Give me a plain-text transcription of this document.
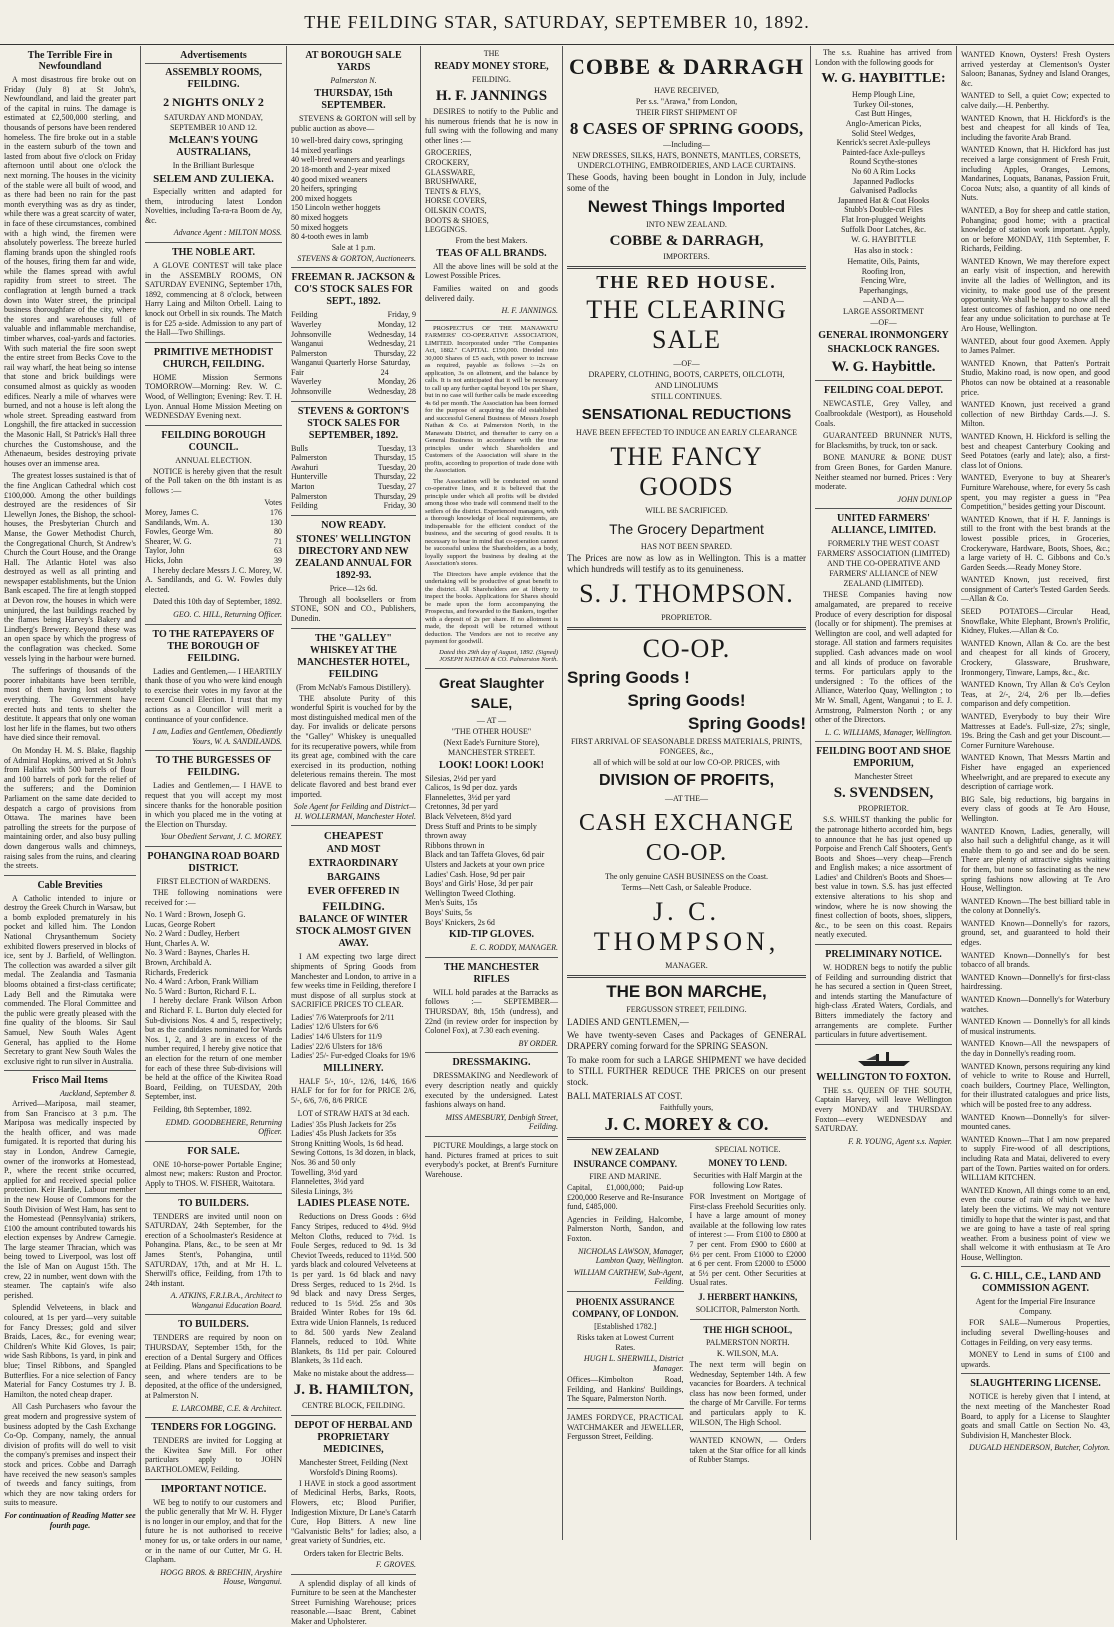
THE FEILDING STAR, SATURDAY, SEPTEMBER 10, 1892.
The Terrible Fire in Newfoundland

A most disastrous fire broke out on Friday (July 8) at St John's, Newfoundland, and laid the greater part of the capital in ruins. The damage is estimated at £2,500,000 sterling, and thousands of persons have been rendered homeless. The fire broke out in a stable in the eastern suburb of the town and lasted from about five o'clock on Friday afternoon until about one o'clock the next morning. The houses in the vicinity of the stable were all built of wood, and as there had been no rain for the past month everything was as dry as tinder, while there was a great scarcity of water, in face of these circumstances, combined with a high wind, the firemen were absolutely powerless. The breeze hurled flaming brands upon the shingled roofs of the houses, firing them far and wide, while the flames spread with awful rapidity from street to street. The conflagration at length burned a track down into Water street, the principal business thoroughfare of the city, where the stores and warehouses full of valuable and inflammable merchandise, timber wharves, coal-yards and factories. With such material the fire soon swept the entire street from Becks Cove to the rail way wharf, the heat being so intense that stone and brick buildings were consumed almost as quickly as wooden edifices. Nearly a mile of wharves were burned, and not a house is left along the whole street. Spreading eastward from Longshill, the fire attacked in succession the Masonic Hall, St Patrick's Hall three churches the Customshouse, and the Athenaeum, besides destroying private houses over an immense area.

The greatest losses sustained is that of the fine Anglican Cathedral which cost £100,000. Among the other buildings destroyed are the residences of Sir Llewellyn Jones, the Bishop, the school-houses, the Presbyterian Church and Manse, the Gower Methodist Church, the Congregational Church, St Andrew's Church the Court House, and the Orange Hall. The Atlantic Hotel was also destroyed as well as all printing and newspaper establishments, but the Union Bank escaped. The fire at length stopped at Devon row, the houses in which were uninjured, the last buildings reached by the flames being Harvey's Bakery and Lindberg's Brewery. Beyond these was an open space by which the progress of the conflagration was checked. Some vessels lying in the harbour were burned.

The sufferings of thousands of the poorer inhabitants have been terrible, most of them having lost absolutely everything. The Government have erected huts and tents to shelter the destitute. It appears that only one woman lost her life in the flames, but two others have died since their removal.

On Monday H. M. S. Blake, flagship of Admiral Hopkins, arrived at St John's from Halifax with 500 barrels of flour and 100 barrels of pork for the relief of the sufferers; and the Dominion Parliament on the same date decided to despatch a cargo of provisions from Ottawa. The marines have been patrolling the streets for the purpose of maintaining order, and also busy pulling down dangerous walls and chimneys, raising sales from the ruins, and clearing the streets.

Cable Brevities

A Catholic intended to injure or destroy the Greek Church in Warsaw, but a bomb exploded prematurely in his pocket and killed him. The London National Chrysanthemum Society exhibited flowers preserved in blocks of ice, sent by J. Barfield, of Wellington. The collection was awarded a silver gilt medal. The Zealandia and Tasmania blooms obtained a first-class certificate; Lady Bell and the Rimutaka were commended. The Floral Committee and the public were greatly pleased with the fine quality of the blooms. Sir Saul Samuel, New South Wales Agent General, has applied to the Home Secretary to grant New South Wales the exclusive right to run silver in Australia.

Frisco Mail Items
Auckland, September 8.

Arrived—Mariposa, mail steamer, from San Francisco at 3 p.m. The Mariposa was medically inspected by the health officer, and was made fumigated. It is reported that during his stay in London, Andrew Carnegie, owner of the ironworks at Homestead, P., where the recent strike occurred, applied for and received special police protection. Keir Hardie, Labour member in the new House of Commons for the South Division of West Ham, has sent to the Homestead (Pennsylvania) strikers, £100 the amount contributed towards his election expenses by Andrew Carnegie. The large steamer Thracian, which was being towed to Liverpool, was lost off the Isle of Man on August 15th. The crew, 22 in number, went down with the steamer. The captain's wife also perished.

Splendid Velveteens, in black and coloured, at 1s per yard—very suitable for Fancy Dresses; gold and silver Braids, Laces, &c., for evening wear; Children's White Kid Gloves, 1s pair; wide Sash Ribbons, 1s yard, in pink and blue; Tinsel Ribbons, and Spangled Butterflies. For a nice selection of Fancy Material for Fancy Costumes try J. B. Hamilton, the noted cheap draper.

All Cash Purchasers who favour the great modern and progressive system of business adopted by the Cash Exchange Co-Op. Company, namely, the annual division of profits will do well to visit the company's premises and inspect their stock and prices. Cobbe and Darragh have received the new season's samples of tweeds and fancy suitings, from which they are now taking orders for suits to measure.

For continuation of Reading Matter see fourth page.

Advertisements
ASSEMBLY ROOMS, FEILDING.
2 NIGHTS ONLY 2
SATURDAY AND MONDAY, SEPTEMBER 10 AND 12.
McLEAN'S YOUNG AUSTRALIANS,
In the Brilliant Burlesque
SELEM AND ZULIEKA.

Especially written and adapted for them, introducing latest London Novelties, including Ta-ra-ra Boom de Ay, &c.

Advance Agent : MILTON MOSS.
THE NOBLE ART.

A GLOVE CONTEST will take place in the ASSEMBLY ROOMS, ON SATURDAY EVENING, September 17th, 1892, commencing at 8 o'clock, between Harry Laing and Milton Orbell. Laing to knock out Orbell in six rounds. The Match is for £25 a-side. Admission to any part of the Hall—Two Shillings.

PRIMITIVE METHODIST CHURCH, FEILDING.

HOME Mission Sermons TOMORROW—Morning: Rev. W. C. Wood, of Wellington; Evening: Rev. T. H. Lyon. Annual Home Mission Meeting on WEDNESDAY Evening next.

FEILDING BOROUGH COUNCIL.
ANNUAL ELECTION.

NOTICE is hereby given that the result of the Poll taken on the 8th instant is as follows :—

Votes
Morey, James C.	176
Sandilands, Wm. A.	130
Fowles, George Wm.	80
Shearer, W. G.	71
Taylor, John	63
Hicks, John	39

I hereby declare Messrs J. C. Morey, W. A. Sandilands, and G. W. Fowles duly elected.

Dated this 10th day of September, 1892.

GEO. C. HILL, Returning Officer.
TO THE RATEPAYERS OF THE BOROUGH OF FEILDING.

Ladies and Gentlemen,— I HEARTILY thank those of you who were kind enough to exercise their votes in my favor at the recent Council Election. I trust that my actions as a Councillor will merit a continuance of your confidence.

I am, Ladies and Gentlemen, Obediently Yours, W. A. SANDILANDS.
TO THE BURGESSES OF FEILDING.

Ladies and Gentlemen,— I HAVE to request that you will accept my most sincere thanks for the honorable position in which you placed me in the voting at the Election on Thursday.

Your Obedient Servant, J. C. MOREY.
POHANGINA ROAD BOARD DISTRICT.
FIRST ELECTION of WARDENS.

THE following nominations were received for :—

No. 1 Ward : Brown, Joseph G.
Lucas, George Robert
No. 2 Ward : Dudley, Herbert
Hunt, Charles A. W.
No. 3 Ward : Baynes, Charles H.
Brown, Archibald A.
Richards, Frederick
No. 4 Ward : Arbon, Frank William
No. 5 Ward : Burton, Richard F. L.

I hereby declare Frank Wilson Arbon and Richard F. L. Burton duly elected for Sub-divisions Nos. 4 and 5, respectively; but as the candidates nominated for Wards Nos. 1, 2, and 3 are in excess of the number required, I hereby give notice that an election for the return of one member for each of these three Sub-divisions will be held at the office of the Kiwitea Road Board, Feilding, on TUESDAY, 20th September, inst.

Feilding, 8th September, 1892.

EDMD. GOODBEHERE, Returning Officer.
FOR SALE.

ONE 10-horse-power Portable Engine; almost new; makers: Ruston and Proctor. Apply to THOS. W. FISHER, Waitotara.

TO BUILDERS.

TENDERS are invited until noon on SATURDAY, 24th September, for the erection of a Schoolmaster's Residence at Pohangina. Plans, &c., to be seen at Mr James Stent's, Pohangina, until SATURDAY, 17th, and at Mr H. L. Sherwill's office, Feilding, from 17th to 24th instant.

A. ATKINS, F.R.I.B.A., Architect to Wanganui Education Board.
TO BUILDERS.

TENDERS are required by noon on THURSDAY, September 15th, for the erection of a Dental Surgery and Offices at Feilding. Plans and Specifications to be seen, and where tenders are to be deposited, at the office of the undersigned, at Palmerston N.

E. LARCOMBE, C.E. & Architect.
TENDERS FOR LOGGING.

TENDERS are invited for Logging at the Kiwitea Saw Mill. For other particulars apply to JOHN BARTHOLOMEW, Feilding.

IMPORTANT NOTICE.

WE beg to notify to our customers and the public generally that Mr W. H. Flyger is no longer in our employ, and that for the future he is not authorised to receive money for us, or take orders in our name, or in the name of our Cutter, Mr G. H. Clapham.

HOGG BROS. & BRECHIN, Aryshire House, Wanganui.
AT BOROUGH SALE YARDS
Palmerston N.
THURSDAY, 15th SEPTEMBER.

STEVENS & GORTON will sell by public auction as above—

10 well-bred dairy cows, springing
14 mixed yearlings
40 well-bred weaners and yearlings
20 18-month and 2-year mixed
40 good mixed weaners
20 heifers, springing
200 mixed hoggets
150 Lincoln wether hoggets
80 mixed hoggets
50 mixed hoggets
80 4-tooth ewes in lamb
Sale at 1 p.m.
STEVENS & GORTON, Auctioneers.
FREEMAN R. JACKSON & CO'S STOCK SALES FOR SEPT., 1892.
Feilding	Friday, 9
Waverley	Monday, 12
Johnsonville	Wednesday, 14
Wanganui	Wednesday, 21
Palmerston	Thursday, 22
Wanganui Quarterly Horse Fair
Saturday, 24
Waverley	Monday, 26
Johnsonville	Wednesday, 28
STEVENS & GORTON'S STOCK SALES FOR SEPTEMBER, 1892.
Bulls	Tuesday, 13
Palmerston	Thursday, 15
Awahuri	Tuesday, 20
Hunterville	Thursday, 22
Marton	Tuesday, 27
Palmerston	Thursday, 29
Feilding	Friday, 30
NOW READY.
STONES' WELLINGTON DIRECTORY AND NEW ZEALAND ANNUAL FOR 1892-93.
Price—12s 6d.

Through all booksellers or from STONE, SON and CO., Publishers, Dunedin.

THE "GALLEY" WHISKEY AT THE MANCHESTER HOTEL, FEILDING
(From McNab's Famous Distillery).

THE absolute Purity of this wonderful Spirit is vouched for by the most distinguished medical men of the day. For invalids or delicate persons the "Galley" Whiskey is unequalled for its recuperative powers, while from its great age, combined with the care exercised in its production, nothing deleterious remains therein. The most delicate flavored and best brand ever imported.

Sole Agent for Feilding and District— H. WOLLERMAN, Manchester Hotel.
CHEAPEST
AND MOST
EXTRAORDINARY
BARGAINS
EVER OFFERED IN
FEILDING.
BALANCE OF WINTER STOCK ALMOST GIVEN AWAY.

I AM expecting two large direct shipments of Spring Goods from Manchester and London, to arrive in a few weeks time in Feilding, therefore I must dispose of all surplus stock at SACRIFICE PRICES TO CLEAR.

Ladies' 7/6 Waterproofs for 2/11
Ladies' 12/6 Ulsters for 6/6
Ladies' 14/6 Ulsters for 11/9
Ladies' 22/6 Ulsters for 18/6
Ladies' 25/- Fur-edged Cloaks for 19/6
MILLINERY.

HALF 5/-, 10/-, 12/6, 14/6, 16/6 HALF for for for for for PRICE 2/6, 5/-, 6/6, 7/6, 8/6 PRICE

LOT of STRAW HATS at 3d each.
Ladies' 35s Plush Jackets for 25s
Ladies' 45s Plush Jackets for 35s
Strong Knitting Wools, 1s 6d head.
Sewing Cottons, 1s 3d dozen, in black, Nos. 36 and 50 only
Towelling, 3½d yard
Flannelettes, 3½d yard
Silesia Linings, 3½
LADIES PLEASE NOTE.

Reductions on Dress Goods : 6½d Fancy Stripes, reduced to 4½d. 9½d Melton Cloths, reduced to 7½d. 1s Foule Serges, reduced to 9d. 1s 3d Cheviot Tweeds, reduced to 11½d. 500 yards black and coloured Velveteens at 1s per yard. 1s 6d black and navy Dress Serges, reduced to 1s 2½d. 1s 9d black and navy Dress Serges, reduced to 1s 5½d. 25s and 30s Braided Winter Robes for 19s 6d. Extra wide Union Flannels, 1s reduced to 8d. 500 yards New Zealand Flannels, reduced to 10d. White Blankets, 8s 11d per pair. Coloured Blankets, 3s 11d each.

Make no mistake about the address—
J. B. HAMILTON,
CENTRE BLOCK, FEILDING.
DEPOT OF HERBAL AND PROPRIETARY MEDICINES,
Manchester Street, Feilding (Next Worsfold's Dining Rooms).

I HAVE in stock a good assortment of Medicinal Herbs, Barks, Roots, Flowers, etc; Blood Purifier, Indigestion Mixture, Dr Lane's Catarrh Cure, Hop Bitters. A new line "Galvanistic Belts" for ladies; also, a great variety of Sundries, etc.

Orders taken for Electric Belts.
F. GROVES.

A splendid display of all kinds of Furniture to be seen at the Manchester Street Furnishing Warehouse; prices reasonable.—Isaac Brent, Cabinet Maker and Upholsterer.

THE
READY MONEY STORE,
FEILDING.
H. F. JANNINGS

DESIRES to notify to the Public and his numerous friends that he is now in full swing with the following and many other lines :—

GROCERIES,
CROCKERY,
GLASSWARE,
BRUSHWARE,
TENTS & FLYS,
HORSE COVERS,
OILSKIN COATS,
BOOTS & SHOES,
LEGGINGS.
From the best Makers.
TEAS OF ALL BRANDS.

All the above lines will be sold at the Lowest Possible Prices.

Families waited on and goods delivered daily.

H. F. JANNINGS.

PROSPECTUS OF THE MANAWATU FARMERS' CO-OPERATIVE ASSOCIATION, LIMITED. Incorporated under "The Companies Act, 1882." CAPITAL £150,000. Divided into 30,000 Shares of £5 each, with power to increase as required, payable as follows :—2s on application, 3s on allotment, and the balance by calls. It is not anticipated that it will be necessary to call up any further capital beyond 10s per Share, but in no case will further calls be made exceeding 4s 6d per month. The Association has been formed for the purpose of acquiring the old established and successful General Business of Messrs Joseph Nathan & Co. at Palmerston North, in the Manawatu District, and thereafter to carry on a General Business in accordance with the true principles under which Shareholders and Customers of the Association will share in the profits, according to proportion of trade done with the Association.

The Association will be conducted on sound co-operative lines, and it is believed that the principle under which all profits will be divided among those who trade will commend itself to the settlers of the district. Experienced managers, with a thorough knowledge of local requirements, are indispensable for the efficient conduct of the business, and the securing of good results. It is necessary to bear in mind that co-operation cannot be successful unless the Shareholders, as a body, loyally support the business by dealing at the Association's stores.

The Directors have ample evidence that the undertaking will be productive of great benefit to the district. All Shareholders are at liberty to inspect the books. Applications for Shares should be made upon the form accompanying the Prospectus, and forwarded to the Bankers, together with a deposit of 2s per share. If no allotment is made, the deposit will be returned without deduction. The Vendors are not to receive any payment for goodwill.

Dated this 29th day of August, 1892. (Signed) JOSEPH NATHAN & CO. Palmerston North.
Great Slaughter SALE,
— AT —
"THE OTHER HOUSE"
(Next Eade's Furniture Store), MANCHESTER STREET.
LOOK! LOOK! LOOK!
Silesias, 2½d per yard
Calicos, 1s 9d per doz. yards
Flannelettes, 3½d per yard
Cretonnes, 3d per yard
Black Velveteen, 8½d yard
Dress Stuff and Prints to be simply thrown away
Ribbons thrown in
Black and tan Taffeta Gloves, 6d pair
Ulsters and Jackets at your own price
Ladies' Cash. Hose, 9d per pair
Boys' and Girls' Hose, 3d per pair
Wellington Tweed Clothing.
Men's Suits, 15s
Boys' Suits, 5s
Boys' Knickers, 2s 6d
KID-TIP GLOVES.
E. C. RODDY, MANAGER.
THE MANCHESTER RIFLES

WILL hold parades at the Barracks as follows :— SEPTEMBER—THURSDAY, 8th, 15th (undress), and 22nd (in review order for inspection by Colonel Fox), at 7.30 each evening.

BY ORDER.
DRESSMAKING.

DRESSMAKING and Needlework of every description neatly and quickly executed by the undersigned. Latest fashions always on hand.

MISS AMESBURY, Denbigh Street, Feilding.

PICTURE Mouldings, a large stock on hand. Pictures framed at prices to suit everybody's pocket, at Brent's Furniture Warehouse.

COBBE & DARRAGH
HAVE RECEIVED,
Per s.s. "Arawa," from London,
THEIR FIRST SHIPMENT OF
8 CASES OF SPRING GOODS,
—Including—
NEW DRESSES, SILKS, HATS, BONNETS, MANTLES, CORSETS, UNDERCLOTHING, EMBROIDERIES, AND LACE CURTAINS.

These Goods, having been bought in London in July, include some of the

Newest Things Imported
INTO NEW ZEALAND.
COBBE & DARRAGH,
IMPORTERS.
THE RED HOUSE.
THE CLEARING SALE
—OF—
DRAPERY, CLOTHING, BOOTS, CARPETS, OILCLOTH,
AND LINOLIUMS
STILL CONTINUES.
SENSATIONAL REDUCTIONS
HAVE BEEN EFFECTED TO INDUCE AN EARLY CLEARANCE
THE FANCY GOODS
WILL BE SACRIFICED.
The Grocery Department
HAS NOT BEEN SPARED.

The Prices are now as low as in Wellington. This is a matter which hundreds will testify as to its genuineness.

S. J. THOMPSON.
PROPRIETOR.
CO-OP.
Spring Goods !
Spring Goods!
Spring Goods!
FIRST ARRIVAL OF SEASONABLE DRESS MATERIALS, PRINTS, FONGEES, &c.,
all of which will be sold at our low CO-OP. PRICES, with
DIVISION OF PROFITS,
—AT THE—
CASH EXCHANGE CO-OP.
The only genuine CASH BUSINESS on the Coast.
Terms—Nett Cash, or Saleable Produce.
J. C. THOMPSON,
MANAGER.
THE BON MARCHE,
FERGUSSON STREET, FEILDING.
LADIES AND GENTLEMEN,—

We have twenty-seven Cases and Packages of GENERAL DRAPERY coming forward for the SPRING SEASON.

To make room for such a LARGE SHIPMENT we have decided to STILL FURTHER REDUCE THE PRICES on our present stock.

BALL MATERIALS AT COST.
Faithfully yours,
J. C. MOREY & CO.
NEW ZEALAND INSURANCE COMPANY.
FIRE AND MARINE.

Capital, £1,000,000; Paid-up £200,000 Reserve and Re-Insurance fund, £485,000.

Agencies in Feilding, Halcombe, Palmerston North, Sandon, and Foxton.

NICHOLAS LAWSON, Manager, Lambton Quay, Wellington.
WILLIAM CARTHEW, Sub-Agent, Feilding.
PHOENIX ASSURANCE COMPANY, OF LONDON.
[Established 1782.]
Risks taken at Lowest Current Rates.
HUGH L. SHERWILL, District Manager.

Offices—Kimbolton Road, Feilding, and Hankins' Buildings, The Square, Palmerston North.

JAMES FORDYCE, PRACTICAL WATCHMAKER and JEWELLER, Fergusson Street, Feilding.

SPECIAL NOTICE.
MONEY TO LEND.
Securities with Half Margin at the following Low Rates.

FOR Investment on Mortgage of First-class Freehold Securities only. I have a large amount of money available at the following low rates of interest :— From £100 to £800 at 7 per cent. From £900 to £600 at 6½ per cent. From £1000 to £2000 at 6 per cent. From £2000 to £5000 at 5½ per cent. Other Securities at Usual rates.

J. HERBERT HANKINS,
SOLICITOR, Palmerston North.
THE HIGH SCHOOL,
PALMERSTON NORTH.
K. WILSON, M.A.

The next term will begin on Wednesday, September 14th. A few vacancies for Boarders. A technical class has now been formed, under the charge of Mr Carville. For terms and particulars apply to K. WILSON, The High School.

WANTED KNOWN, — Orders taken at the Star office for all kinds of Rubber Stamps.

The s.s. Ruahine has arrived from London with the following goods for

W. G. HAYBITTLE:
Hemp Plough Line,
Turkey Oil-stones,
Cast Butt Hinges,
Anglo-American Picks,
Solid Steel Wedges,
Kenrick's secret Axle-pulleys
Painted-face Axle-pulleys
Round Scythe-stones
No 60 A Rim Locks
Japanned Padlocks
Galvanised Padlocks
Japanned Hat & Coat Hooks
Stubb's Double-cut Files
Flat Iron-plugged Weights
Suffolk Door Latches, &c.
W. G. HAYBITTLE
Has also in stock :
Hematite, Oils, Paints,
Roofing Iron,
Fencing Wire,
Paperhangings,
—AND A—
LARGE ASSORTMENT
—OF—
GENERAL IRONMONGERY
SHACKLOCK RANGES.
W. G. Haybittle.
FEILDING COAL DEPOT.

NEWCASTLE, Grey Valley, and Coalbrookdale (Westport), as Household Coals.

GUARANTEED BRUNNER NUTS, for Blacksmiths, by truck, ton or sack.

BONE MANURE & BONE DUST from Green Bones, for Garden Manure. Neither steamed nor burned. Prices : Very moderate.

JOHN DUNLOP
UNITED FARMERS' ALLIANCE, LIMITED.
FORMERLY THE WEST COAST FARMERS' ASSOCIATION (LIMITED) AND THE CO-OPERATIVE AND FARMERS' ALLIANCE of NEW ZEALAND (LIMITED).

THESE Companies having now amalgamated, are prepared to receive Produce of every description for disposal (locally or for shipment). The premises at Wellington are cool, and well adapted for storage. All station and farmers requisites supplied. Cash advances made on wool and all kinds of produce on favorable terms. For particulars apply to the undersigned : To the offices of the Alliance, Waterloo Quay, Wellington ; to Mr W. Small, Agent, Wanganui ; to E. J. Armstrong, Palmerston North ; or any other of the Directors.

L. C. WILLIAMS, Manager, Wellington.
FEILDING BOOT AND SHOE EMPORIUM,
Manchester Street
S. SVENDSEN,
PROPRIETOR.

S.S. WHILST thanking the public for the patronage hitherto accorded him, begs to announce that he has just opened up Porpoise and French Calf Shooters, Gent's Boots and Shoes—very cheap—French and English makes; a nice assortment of Ladies' and Children's Boots and Shoes—best value in town. S.S. has just effected extensive alterations to his shop and window, where he is now showing the finest collection of boots, shoes, slippers, &c., to be seen on this coast. Repairs neatly executed.

PRELIMINARY NOTICE.

W. HODREN begs to notify the public of Feilding and surrounding district that he has secured a section in Queen Street, and intends starting the Manufacture of high-class Ærated Waters, Cordials, and Bitters immediately the factory and arrangements are complete. Further particulars in future advertisement.

WELLINGTON TO FOXTON.

THE s.s. QUEEN OF THE SOUTH, Captain Harvey, will leave Wellington every MONDAY and THURSDAY. Foxton—every WEDNESDAY and SATURDAY.

F. R. YOUNG, Agent s.s. Napier.

WANTED Known, Oysters! Fresh Oysters arrived yesterday at Clementson's Oyster Saloon; Bananas, Sydney and Island Oranges, &c.

WANTED to Sell, a quiet Cow; expected to calve daily.—H. Penberthy.

WANTED Known, that H. Hickford's is the best and cheapest for all kinds of Tea, including the favorite Arab Brand.

WANTED Known, that H. Hickford has just received a large consignment of Fresh Fruit, including Apples, Oranges, Lemons, Mandarines, Loquats, Bananas, Passion Fruit, Cocoa Nuts; also, a quantity of all kinds of Nuts.

WANTED, a Boy for sheep and cattle station, Pohangina; good home; with a practical knowledge of station work important. Apply, on or before MONDAY, 11th September, F. Richards, Feilding.

WANTED Known, We may therefore expect an early visit of inspection, and herewith invite all the ladies of Wellington, and its vicinity, to make good use of the present opportunity. We shall be happy to show all the latest outcomes of fashion, and no one need fear any undue solicitation to purchase at Te Aro House, Wellington.

WANTED, about four good Axemen. Apply to James Palmer.

WANTED Known, that Patten's Portrait Studio, Makino road, is now open, and good Photos can now be obtained at a reasonable price.

WANTED Known, just received a grand collection of new Birthday Cards.—J. S. Milton.

WANTED Known, H. Hickford is selling the best and cheapest Canterbury Cooking and Seed Potatoes (early and late); also, a first-class lot of Onions.

WANTED, Everyone to buy at Shearer's Furniture Warehouse, where, for every 5s cash spent, you may register a guess in "Pea Competition," besides getting your Discount.

WANTED Known, that if H. F. Jannings is still to the front with the best brands at the lowest possible prices, in Groceries, Crockeryware, Hardware, Boots, Shoes, &c.; a large variety of H. C. Gibbons and Co.'s Garden Seeds.—Ready Money Store.

WANTED Known, just received, first consignment of Carter's Tested Garden Seeds.—Allan & Co.

SEED POTATOES—Circular Head, Snowflake, White Elephant, Brown's Prolific, Kidney, Flukes.—Allan & Co.

WANTED Known, Allan & Co. are the best and cheapest for all kinds of Grocery, Crockery, Glassware, Brushware, Ironmongery, Tinware, Lamps, &c., &c.

WANTED Known, Try Allan & Co's Ceylon Teas, at 2/-, 2/4, 2/6 per lb.—defies comparison and defy competition.

WANTED, Everybody to buy their Wire Mattresses at Eade's. Full-size, 27s; single, 19s. Bring the Cash and get your Discount.—Corner Furniture Warehouse.

WANTED Known, That Messrs Martin and Fisher have engaged an experienced Wheelwright, and are prepared to execute any description of carriage work.

BIG Sale, big reductions, big bargains in every class of goods at Te Aro House, Wellington.

WANTED Known, Ladies, generally, will also hail such a delightful change, as it will enable them to go and see and do be seen. There are plenty of attractive sights waiting for them, but none so fascinating as the new spring fashions now allowing at Te Aro House, Wellington.

WANTED Known—The best billiard table in the colony at Donnelly's.

WANTED Known—Donnelly's for razors, ground, set, and guaranteed to hold their edges.

WANTED Known—Donnelly's for best tobacco of all brands.

WANTED Known—Donnelly's for first-class hairdressing.

WANTED Known—Donnelly's for Waterbury watches.

WANTED Known — Donnelly's for all kinds of musical instruments.

WANTED Known—All the newspapers of the day in Donnelly's reading room.

WANTED Known, persons requiring any kind of vehicle to write to Rouse and Hurrell, coach builders, Courtney Place, Wellington, for their illustrated catalogues and price lists, which will be posted free to any address.

WANTED Known—Donnelly's for silver-mounted canes.

WANTED Known—That I am now prepared to supply Fire-wood of all descriptions, including Rata and Matai, delivered to every part of the Town. Parties waited on for orders. WILLIAM KITCHEN.

WANTED Known, All things come to an end, even the course of rain of which we have lately been the victims. We may not venture timidly to hope that the winter is past, and that we are going to have a taste of real spring weather. From a business point of view we shall welcome it with enthusiasm at Te Aro House, Wellington.

G. C. HILL, C.E., LAND AND COMMISSION AGENT.
Agent for the Imperial Fire Insurance Company.

FOR SALE—Numerous Properties, including several Dwelling-houses and Cottages in Feilding, on very easy terms.

MONEY to Lend in sums of £100 and upwards.

SLAUGHTERING LICENSE.

NOTICE is hereby given that I intend, at the next meeting of the Manchester Road Board, to apply for a License to Slaughter goats and small Cattle on Section No. 43, Subdivision H, Manchester Block.

DUGALD HENDERSON, Butcher, Colyton.
